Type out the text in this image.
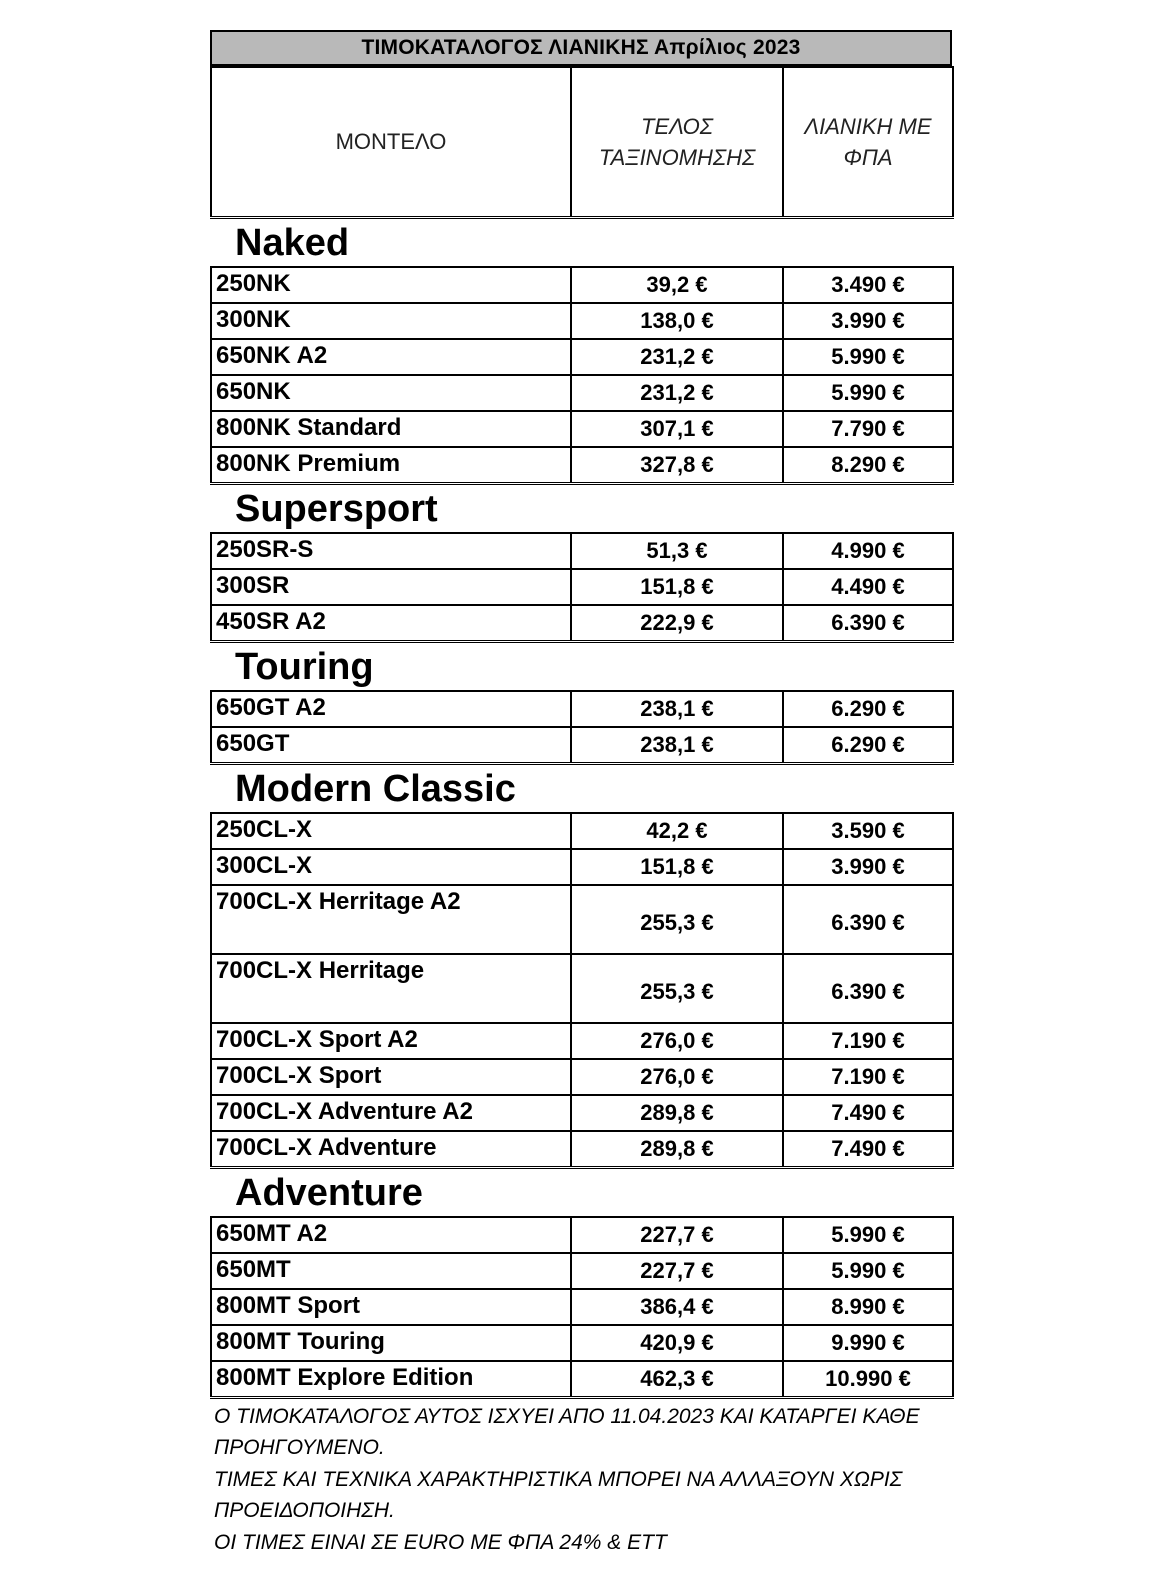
ΤΙΜΟΚΑΤΑΛΟΓΟΣ ΛΙΑΝΙΚΗΣ Απρίλιος 2023
ΜΟΝΤΕΛΟ	ΤΕΛΟΣ ΤΑΞΙΝΟΜΗΣΗΣ	ΛΙΑΝΙΚΗ ΜΕ ΦΠΑ
Naked		
250NK	39,2 €	3.490 €
300NK	138,0 €	3.990 €
650NK A2	231,2 €	5.990 €
650NK	231,2 €	5.990 €
800NK Standard	307,1 €	7.790 €
800NK Premium	327,8 €	8.290 €
Supersport		
250SR-S	51,3 €	4.990 €
300SR	151,8 €	4.490 €
450SR A2	222,9 €	6.390 €
Touring		
650GT A2	238,1 €	6.290 €
650GT	238,1 €	6.290 €
Modern Classic		
250CL-X	42,2 €	3.590 €
300CL-X	151,8 €	3.990 €
700CL-X Herritage A2	255,3 €	6.390 €
700CL-X Herritage	255,3 €	6.390 €
700CL-X Sport A2	276,0 €	7.190 €
700CL-X Sport	276,0 €	7.190 €
700CL-X Adventure A2	289,8 €	7.490 €
700CL-X Adventure	289,8 €	7.490 €
Adventure		
650MT A2	227,7 €	5.990 €
650MT	227,7 €	5.990 €
800MT Sport	386,4 €	8.990 €
800MT Touring	420,9 €	9.990 €
800MT Explore Edition	462,3 €	10.990 €
Ο ΤΙΜΟΚΑΤΑΛΟΓΟΣ ΑΥΤΟΣ ΙΣΧΥΕΙ ΑΠΟ 11.04.2023 ΚΑΙ ΚΑΤΑΡΓΕΙ ΚΑΘΕ ΠΡΟΗΓΟΥΜΕΝΟ.
ΤΙΜΕΣ ΚΑΙ ΤΕΧΝΙΚΑ ΧΑΡΑΚΤΗΡΙΣΤΙΚΑ ΜΠΟΡΕΙ ΝΑ ΑΛΛΑΞΟΥΝ ΧΩΡΙΣ ΠΡΟΕΙΔΟΠΟΙΗΣΗ.
ΟΙ ΤΙΜΕΣ ΕΙΝΑΙ ΣΕ EURO ΜΕ ΦΠΑ 24% & ΕΤΤ
